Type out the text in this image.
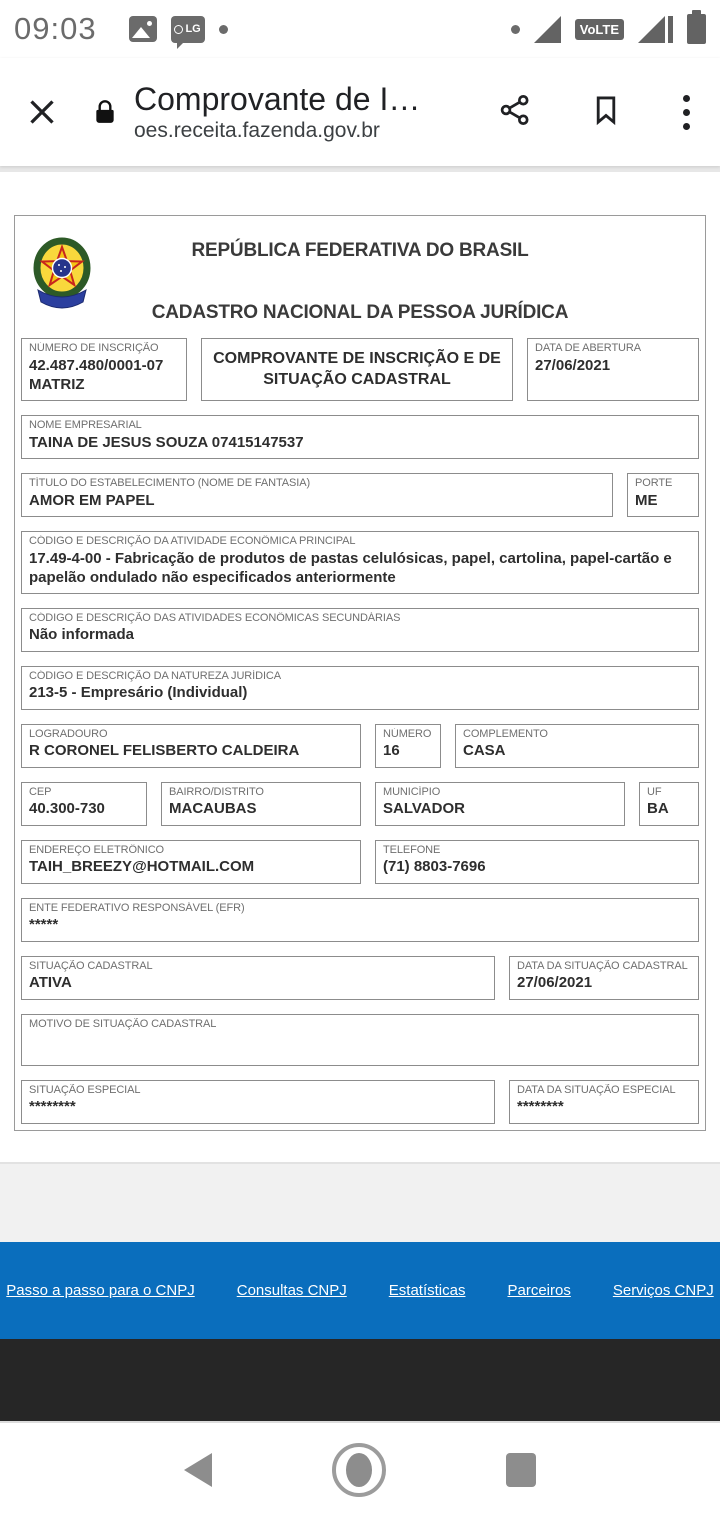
09:03	LG	VoLTE
Comprovante de I…
oes.receita.fazenda.gov.br
REPÚBLICA FEDERATIVA DO BRASIL
CADASTRO NACIONAL DA PESSOA JURÍDICA
NÚMERO DE INSCRIÇÃO
42.487.480/0001-07
MATRIZ
COMPROVANTE DE INSCRIÇÃO E DE SITUAÇÃO CADASTRAL
DATA DE ABERTURA
27/06/2021
NOME EMPRESARIAL
TAINA DE JESUS SOUZA 07415147537
TÍTULO DO ESTABELECIMENTO (NOME DE FANTASIA)
AMOR EM PAPEL
PORTE
ME
CÓDIGO E DESCRIÇÃO DA ATIVIDADE ECONÔMICA PRINCIPAL
17.49-4-00 - Fabricação de produtos de pastas celulósicas, papel, cartolina, papel-cartão e papelão ondulado não especificados anteriormente
CÓDIGO E DESCRIÇÃO DAS ATIVIDADES ECONÔMICAS SECUNDÁRIAS
Não informada
CÓDIGO E DESCRIÇÃO DA NATUREZA JURÍDICA
213-5 - Empresário (Individual)
LOGRADOURO
R CORONEL FELISBERTO CALDEIRA
NÚMERO
16
COMPLEMENTO
CASA
CEP
40.300-730
BAIRRO/DISTRITO
MACAUBAS
MUNICÍPIO
SALVADOR
UF
BA
ENDEREÇO ELETRÔNICO
TAIH_BREEZY@HOTMAIL.COM
TELEFONE
(71) 8803-7696
ENTE FEDERATIVO RESPONSÁVEL (EFR)
*****
SITUAÇÃO CADASTRAL
ATIVA
DATA DA SITUAÇÃO CADASTRAL
27/06/2021
MOTIVO DE SITUAÇÃO CADASTRAL
SITUAÇÃO ESPECIAL
********
DATA DA SITUAÇÃO ESPECIAL
********
Passo a passo para o CNPJ	Consultas CNPJ	Estatísticas	Parceiros	Serviços CNPJ
